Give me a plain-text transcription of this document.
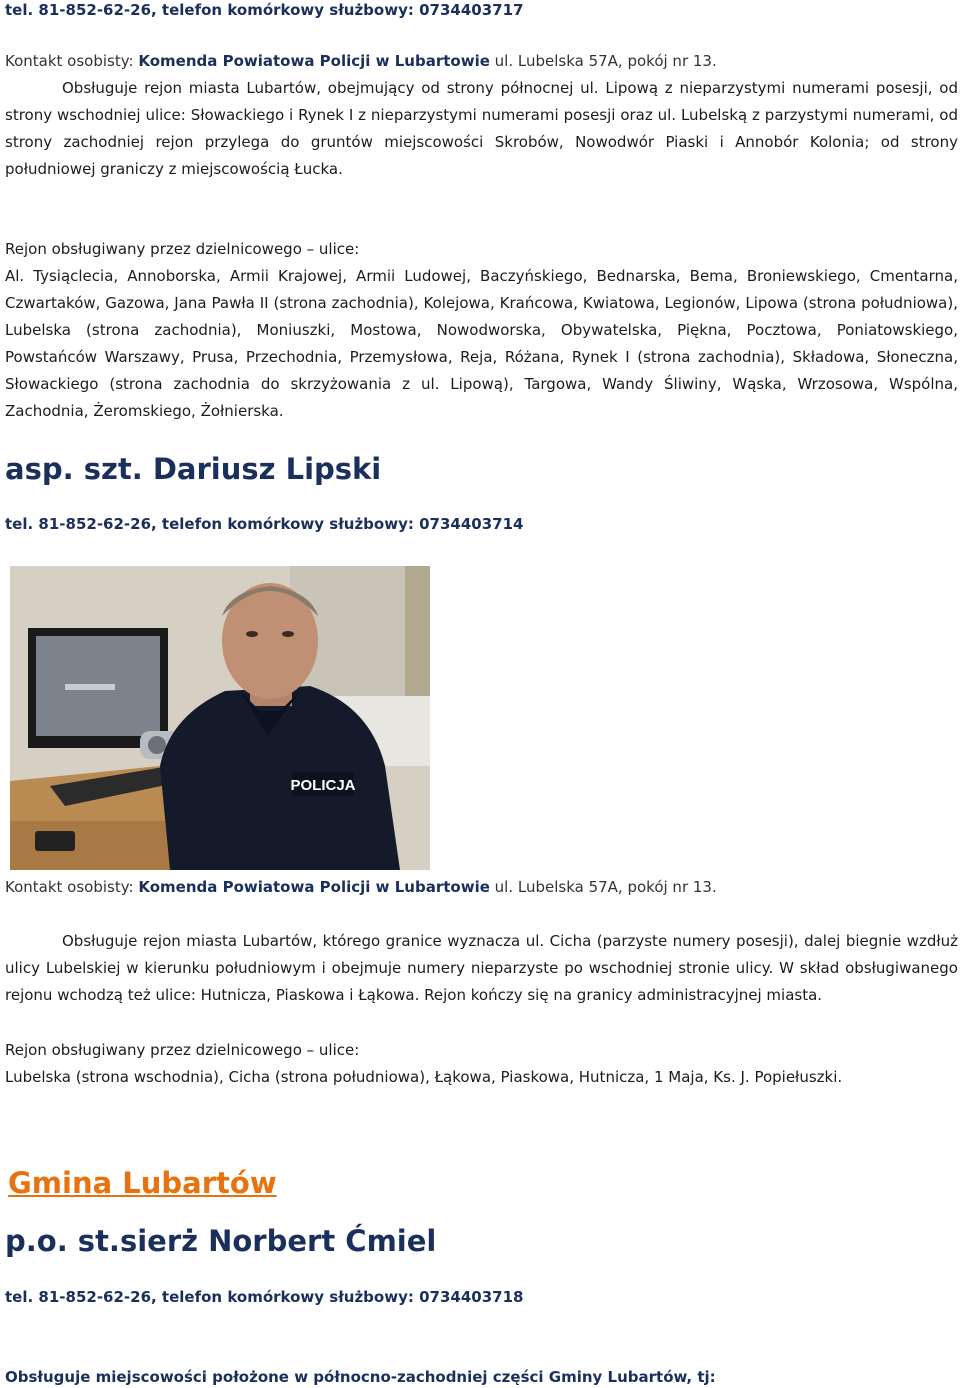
tel. 81-852-62-26, telefon komórkowy służbowy: 0734403717
Kontakt osobisty: Komenda Powiatowa Policji w Lubartowie ul. Lubelska 57A, pokój nr 13.

Obsługuje rejon miasta Lubartów, obejmujący od strony północnej ul. Lipową z nieparzystymi numerami posesji, od strony wschodniej ulice: Słowackiego i Rynek I z nieparzystymi numerami posesji oraz ul. Lubelską z parzystymi numerami, od strony zachodniej rejon przylega do gruntów miejscowości Skrobów, Nowodwór Piaski i Annobór Kolonia; od strony południowej graniczy z miejscowością Łucka.

Rejon obsługiwany przez dzielnicowego – ulice:

Al. Tysiąclecia, Annoborska, Armii Krajowej, Armii Ludowej, Baczyńskiego, Bednarska, Bema, Broniewskiego, Cmentarna, Czwartaków, Gazowa, Jana Pawła II (strona zachodnia), Kolejowa, Krańcowa, Kwiatowa, Legionów, Lipowa (strona południowa), Lubelska (strona zachodnia), Moniuszki, Mostowa, Nowodworska, Obywatelska, Piękna, Pocztowa, Poniatowskiego, Powstańców Warszawy, Prusa, Przechodnia, Przemysłowa, Reja, Różana, Rynek I (strona zachodnia), Składowa, Słoneczna, Słowackiego (strona zachodnia do skrzyżowania z ul. Lipową), Targowa, Wandy Śliwiny, Wąska, Wrzosowa, Wspólna, Zachodnia, Żeromskiego, Żołnierska.

asp. szt. Dariusz Lipski
tel. 81-852-62-26, telefon komórkowy służbowy: 0734403714
POLICJA
Kontakt osobisty: Komenda Powiatowa Policji w Lubartowie ul. Lubelska 57A, pokój nr 13.

Obsługuje rejon miasta Lubartów, którego granice wyznacza ul. Cicha (parzyste numery posesji), dalej biegnie wzdłuż ulicy Lubelskiej w kierunku południowym i obejmuje numery nieparzyste po wschodniej stronie ulicy. W skład obsługiwanego rejonu wchodzą też ulice: Hutnicza, Piaskowa i Łąkowa. Rejon kończy się na granicy administracyjnej miasta.

Rejon obsługiwany przez dzielnicowego – ulice:

Lubelska (strona wschodnia), Cicha (strona południowa), Łąkowa, Piaskowa, Hutnicza, 1 Maja, Ks. J. Popiełuszki.

Gmina Lubartów
p.o. st.sierż Norbert Ćmiel
tel. 81-852-62-26, telefon komórkowy służbowy: 0734403718
Obsługuje miejscowości położone w północno-zachodniej części Gminy Lubartów, tj:
